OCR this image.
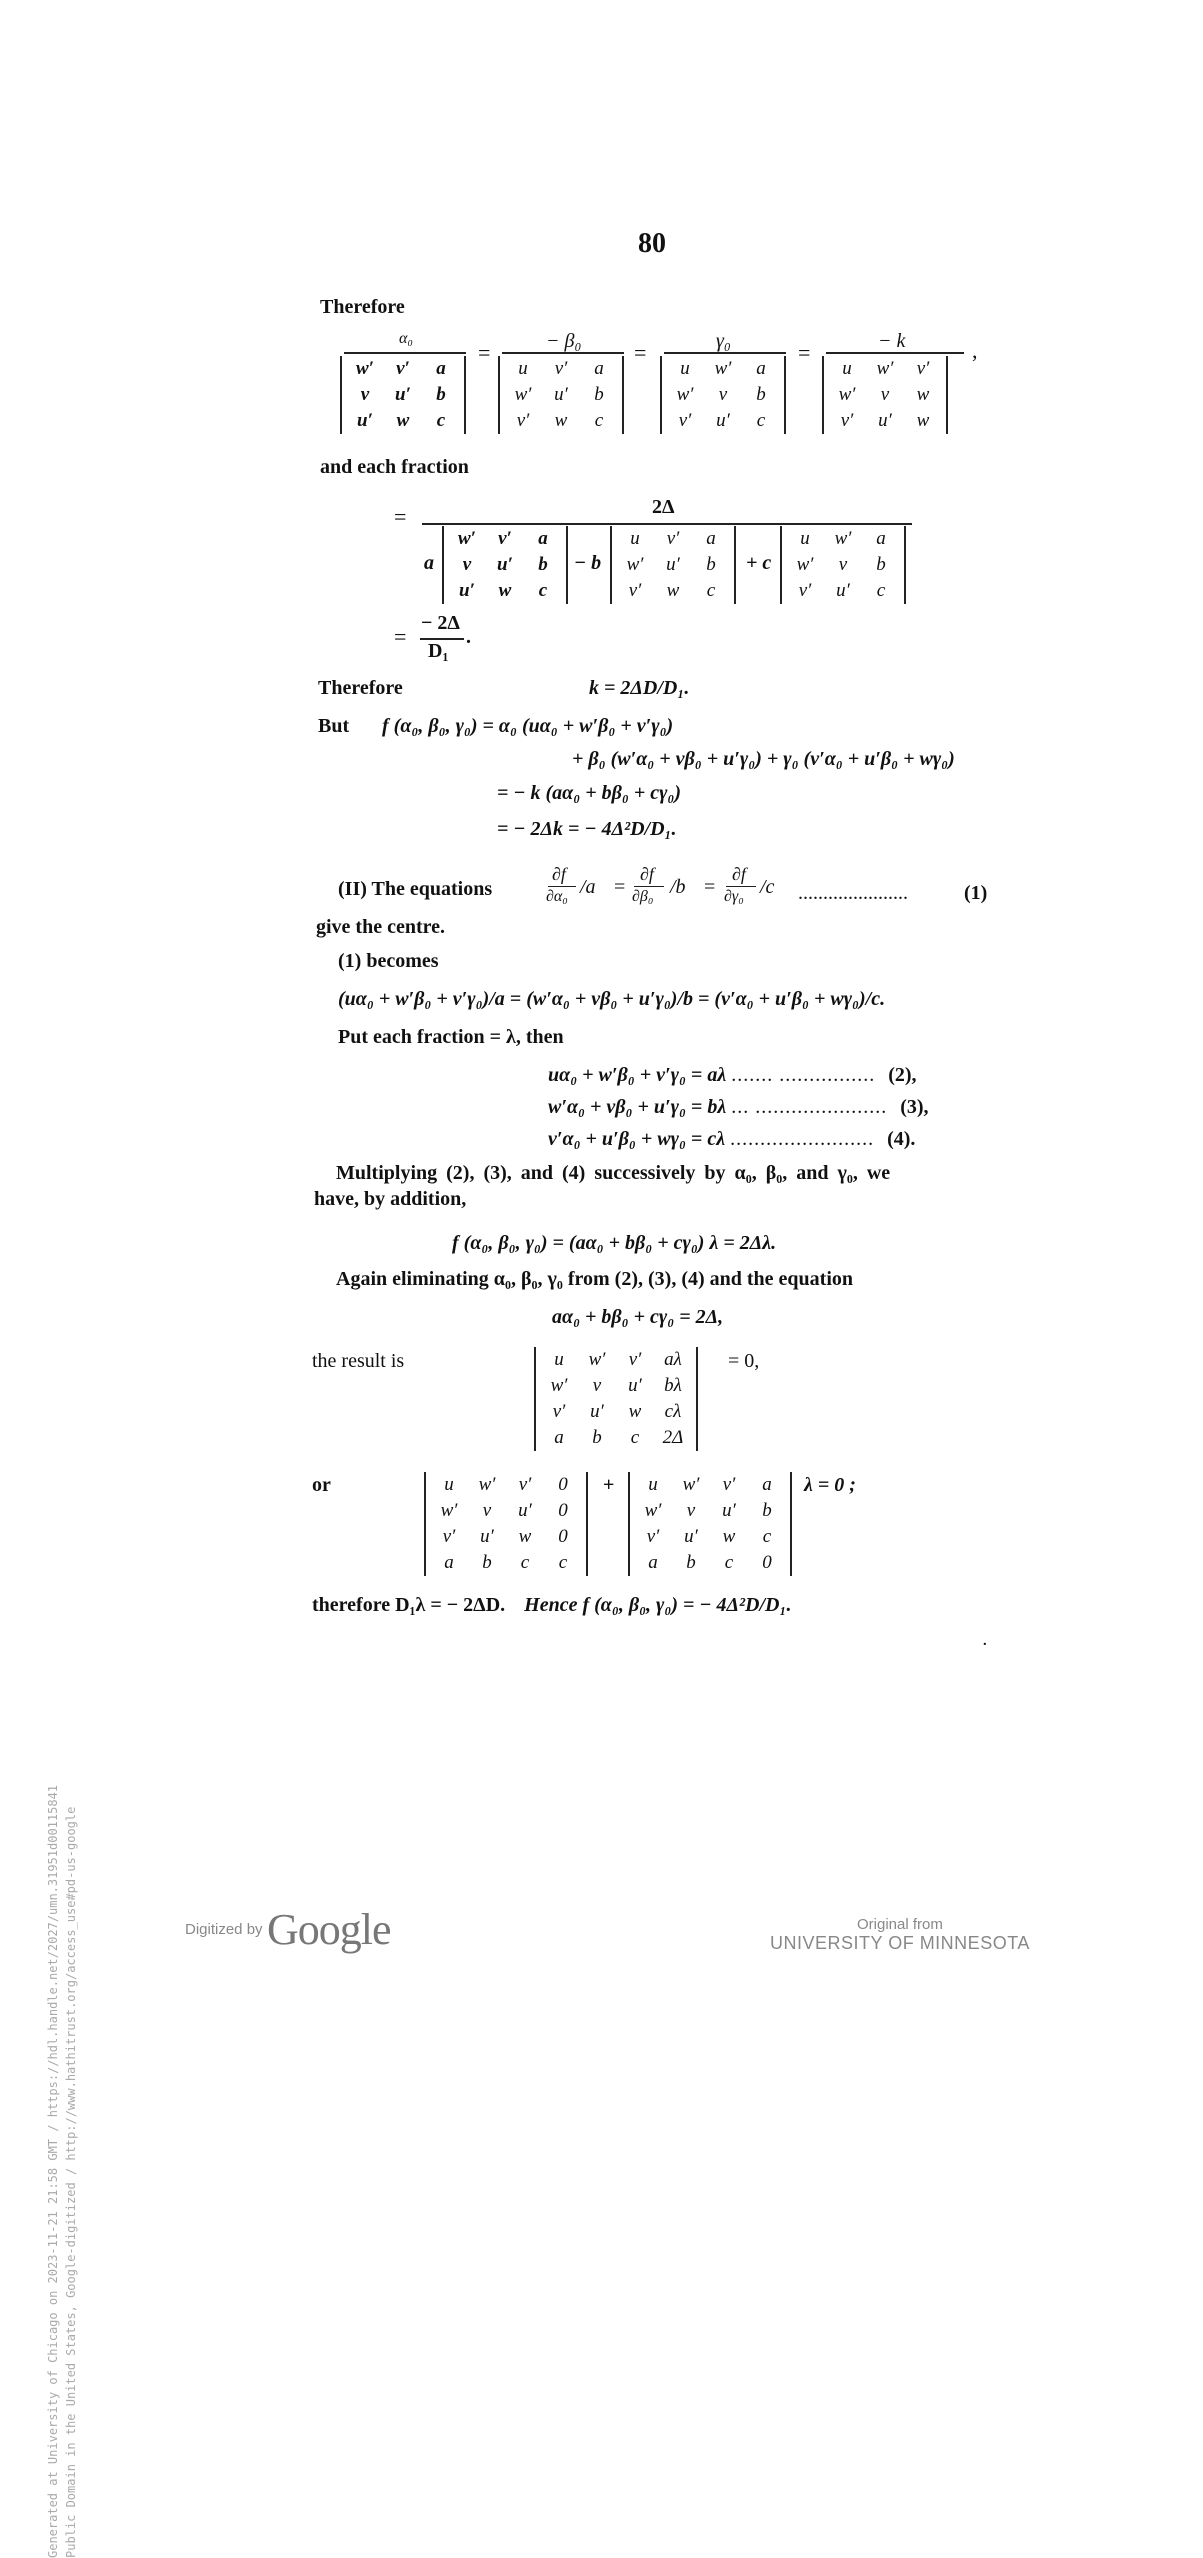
80
Therefore
α₀
w′	v′	a
v	u′	b
u′	w	c
=	− β₀
u	v′	a
w′	u′	b
v′	w	c
=	γ₀
u	w′	a
w′	v	b
v′	u′	c
=	− k
u	w′	v′
w′	v	w
v′	u′	w
,
and each fraction
=	2Δ
a
w′	v′	a
v	u′	b
u′	w	c
− b
u	v′	a
w′	u′	b
v′	w	c
+ c
u	w′	a
w′	v	b
v′	u′	c
=
− 2Δ
D₁
.
Therefore	k = 2ΔD/D₁.
But f (α₀, β₀, γ₀) = α₀ (uα₀ + w′β₀ + v′γ₀)
+ β₀ (w′α₀ + vβ₀ + u′γ₀) + γ₀ (v′α₀ + u′β₀ + wγ₀)
= − k (aα₀ + bβ₀ + cγ₀)
= − 2Δk = − 4Δ²D/D₁.
(II) The equations
∂f
∂α₀ /a =
∂f
∂β₀ /b =
∂f
∂γ₀ /c ......................	(1)
give the centre.
(1) becomes
(uα₀ + w′β₀ + v′γ₀)/a = (w′α₀ + vβ₀ + u′γ₀)/b = (v′α₀ + u′β₀ + wγ₀)/c.
Put each fraction = λ, then
uα₀ + w′β₀ + v′γ₀ = aλ ....... ................ (2),
w′α₀ + vβ₀ + u′γ₀ = bλ ... ...................... (3),
v′α₀ + u′β₀ + wγ₀ = cλ ........................ (4).
Multiplying (2), (3), and (4) successively by α₀, β₀, and γ₀, we
have, by addition,
f (α₀, β₀, γ₀) = (aα₀ + bβ₀ + cγ₀) λ = 2Δλ.
Again eliminating α₀, β₀, γ₀ from (2), (3), (4) and the equation
aα₀ + bβ₀ + cγ₀ = 2Δ,
the result is	u	w′	v′	aλ
w′	v	u′	bλ
v′	u′	w	cλ
a	b	c	2Δ
= 0,
or	u	w′	v′	0
w′	v	u′	0
v′	u′	w	0
a	b	c	c
+ u	w′	v′	a
w′	v	u′	b
v′	u′	w	c
a	b	c	0
λ = 0 ;
therefore D₁λ = − 2ΔD. Hence f (α₀, β₀, γ₀) = − 4Δ²D/D₁.
·
Generated at University of Chicago on 2023-11-21 21:58 GMT / https://hdl.handle.net/2027/umn.31951d00115841 Public Domain in the United States, Google-digitized / http://www.hathitrust.org/access_use#pd-us-google	Digitized by Google	Original from
UNIVERSITY OF MINNESOTA
